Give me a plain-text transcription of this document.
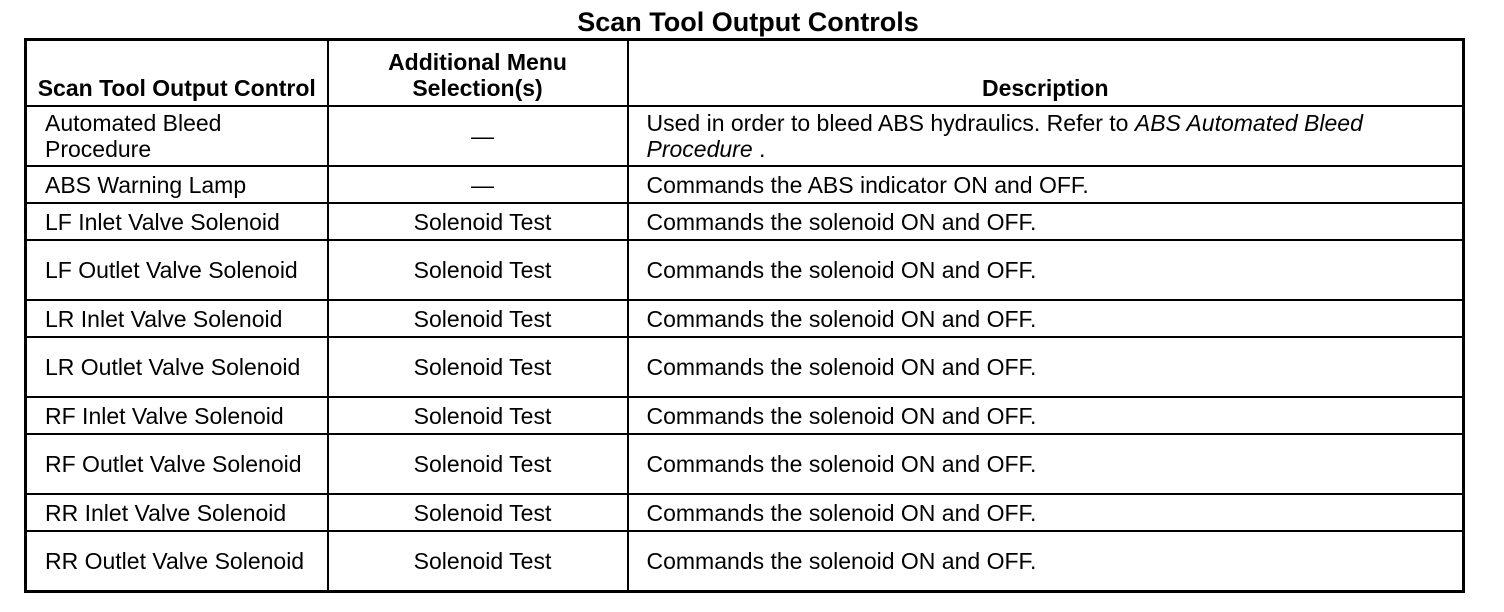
Scan Tool Output Controls
Scan Tool Output Control	Additional Menu Selection(s)	Description
Automated Bleed Procedure	—	Used in order to bleed ABS hydraulics. Refer to ABS Automated Bleed Procedure .
ABS Warning Lamp	—	Commands the ABS indicator ON and OFF.
LF Inlet Valve Solenoid	Solenoid Test	Commands the solenoid ON and OFF.
LF Outlet Valve Solenoid	Solenoid Test	Commands the solenoid ON and OFF.
LR Inlet Valve Solenoid	Solenoid Test	Commands the solenoid ON and OFF.
LR Outlet Valve Solenoid	Solenoid Test	Commands the solenoid ON and OFF.
RF Inlet Valve Solenoid	Solenoid Test	Commands the solenoid ON and OFF.
RF Outlet Valve Solenoid	Solenoid Test	Commands the solenoid ON and OFF.
RR Inlet Valve Solenoid	Solenoid Test	Commands the solenoid ON and OFF.
RR Outlet Valve Solenoid	Solenoid Test	Commands the solenoid ON and OFF.
